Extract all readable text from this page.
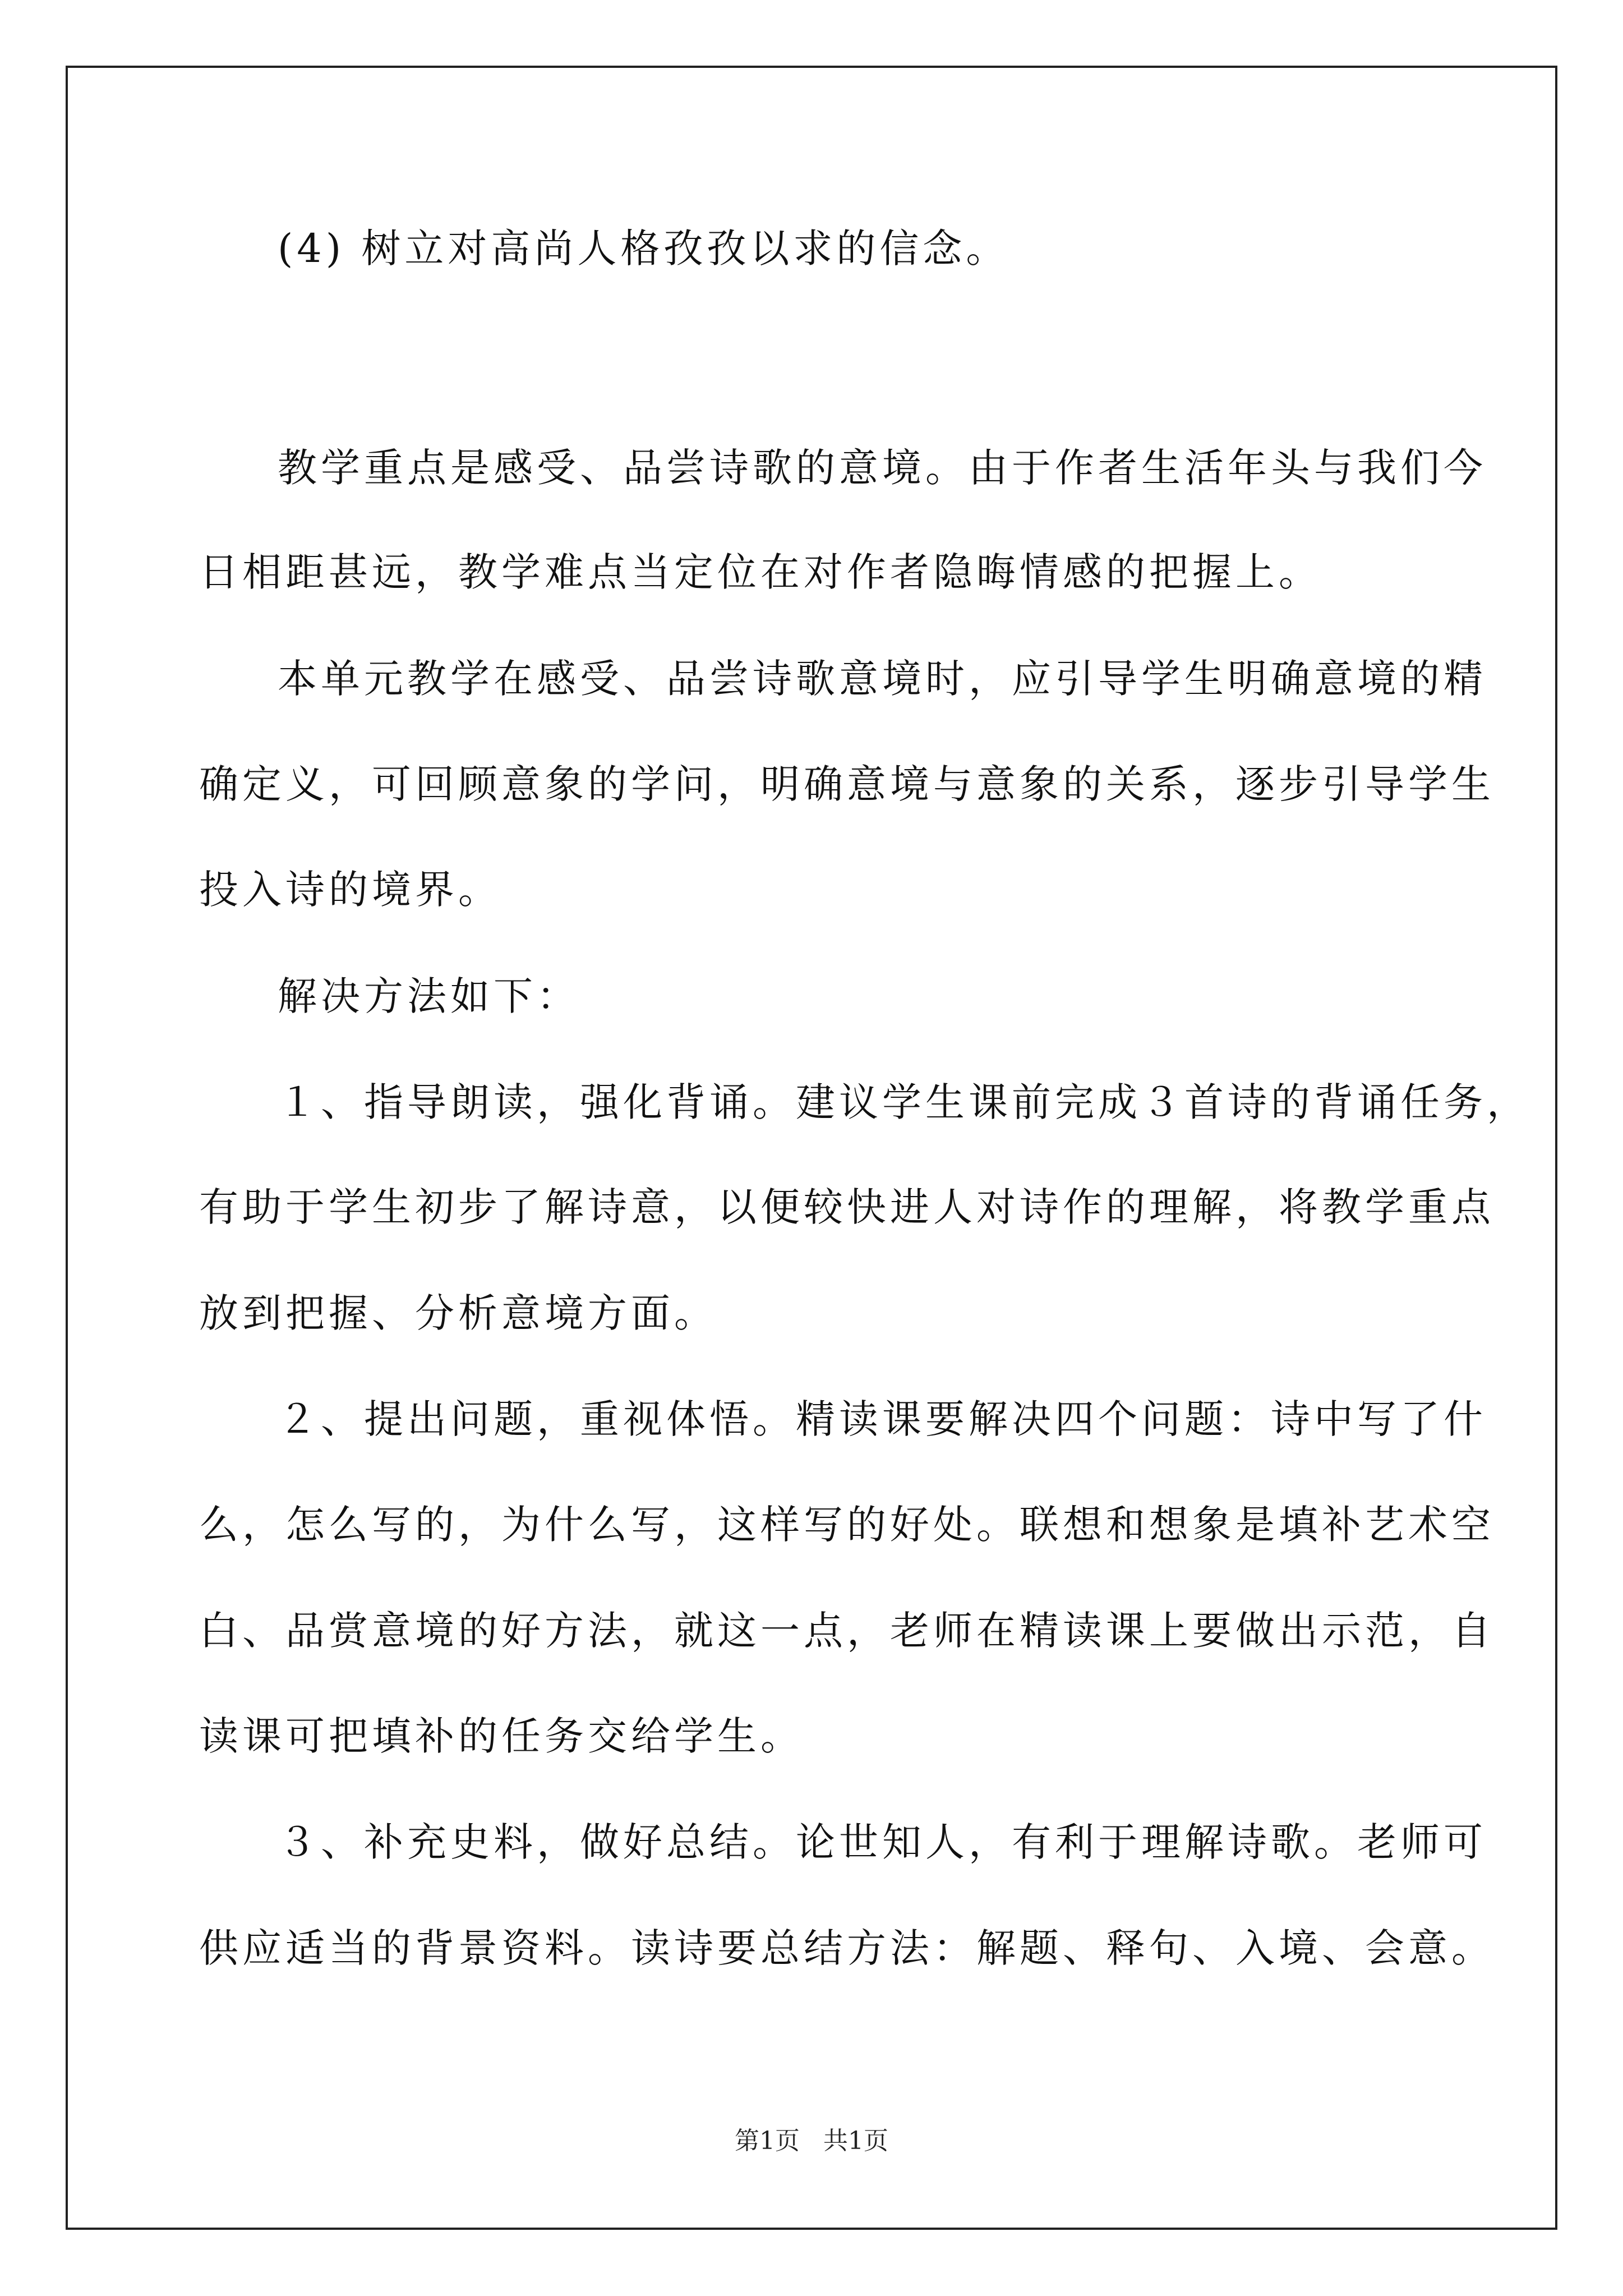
(4) 树立对高尚人格孜孜以求的信念。
教学重点是感受、品尝诗歌的意境。由于作者生活年头与我们今
日相距甚远，教学难点当定位在对作者隐晦情感的把握上。
本单元教学在感受、品尝诗歌意境时，应引导学生明确意境的精
确定义，可回顾意象的学问，明确意境与意象的关系，逐步引导学生
投入诗的境界。
解决方法如下：
１、指导朗读，强化背诵。建议学生课前完成３首诗的背诵任务，
有助于学生初步了解诗意，以便较快进人对诗作的理解，将教学重点
放到把握、分析意境方面。
２、提出问题，重视体悟。精读课要解决四个问题：诗中写了什
么，怎么写的，为什么写，这样写的好处。联想和想象是填补艺术空
白、品赏意境的好方法，就这一点，老师在精读课上要做出示范，自
读课可把填补的任务交给学生。
３、补充史料，做好总结。论世知人，有利于理解诗歌。老师可
供应适当的背景资料。读诗要总结方法：解题、释句、入境、会意。
第1页   共1页
